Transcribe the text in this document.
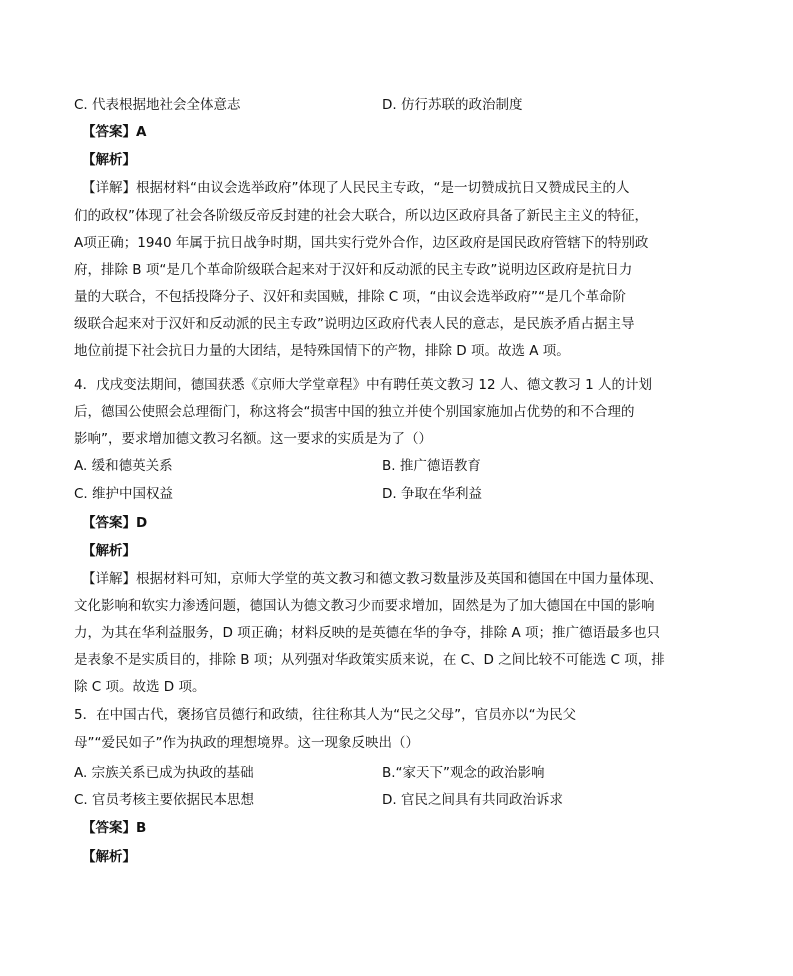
C. 代表根据地社会全体意志	D. 仿行苏联的政治制度
【答案】A
【解析】
【详解】根据材料“由议会选举政府”体现了人民民主专政，“是一切赞成抗日又赞成民主的人
们的政权”体现了社会各阶级反帝反封建的社会大联合，所以边区政府具备了新民主主义的特征，
A项正确；1940 年属于抗日战争时期，国共实行党外合作，边区政府是国民政府管辖下的特别政
府，排除 B 项“是几个革命阶级联合起来对于汉奸和反动派的民主专政”说明边区政府是抗日力
量的大联合，不包括投降分子、汉奸和卖国贼，排除 C 项，“由议会选举政府”“是几个革命阶
级联合起来对于汉奸和反动派的民主专政”说明边区政府代表人民的意志，是民族矛盾占据主导
地位前提下社会抗日力量的大团结，是特殊国情下的产物，排除 D 项。故选 A 项。
4．戊戌变法期间，德国获悉《京师大学堂章程》中有聘任英文教习 12 人、德文教习 1 人的计划
后，德国公使照会总理衙门，称这将会“损害中国的独立并使个别国家施加占优势的和不合理的
影响”，要求增加德文教习名额。这一要求的实质是为了（）
A. 缓和德英关系	B. 推广德语教育
C. 维护中国权益	D. 争取在华利益
【答案】D
【解析】
【详解】根据材料可知，京师大学堂的英文教习和德文教习数量涉及英国和德国在中国力量体现、
文化影响和软实力渗透问题，德国认为德文教习少而要求增加，固然是为了加大德国在中国的影响
力，为其在华利益服务，D 项正确；材料反映的是英德在华的争夺，排除 A 项；推广德语最多也只
是表象不是实质目的，排除 B 项；从列强对华政策实质来说，在 C、D 之间比较不可能选 C 项，排
除 C 项。故选 D 项。
5．在中国古代，褒扬官员德行和政绩，往往称其人为“民之父母”，官员亦以“为民父
母”“爱民如子”作为执政的理想境界。这一现象反映出（）
A. 宗族关系已成为执政的基础	B.“家天下”观念的政治影响
C. 官员考核主要依据民本思想	D. 官民之间具有共同政治诉求
【答案】B
【解析】
